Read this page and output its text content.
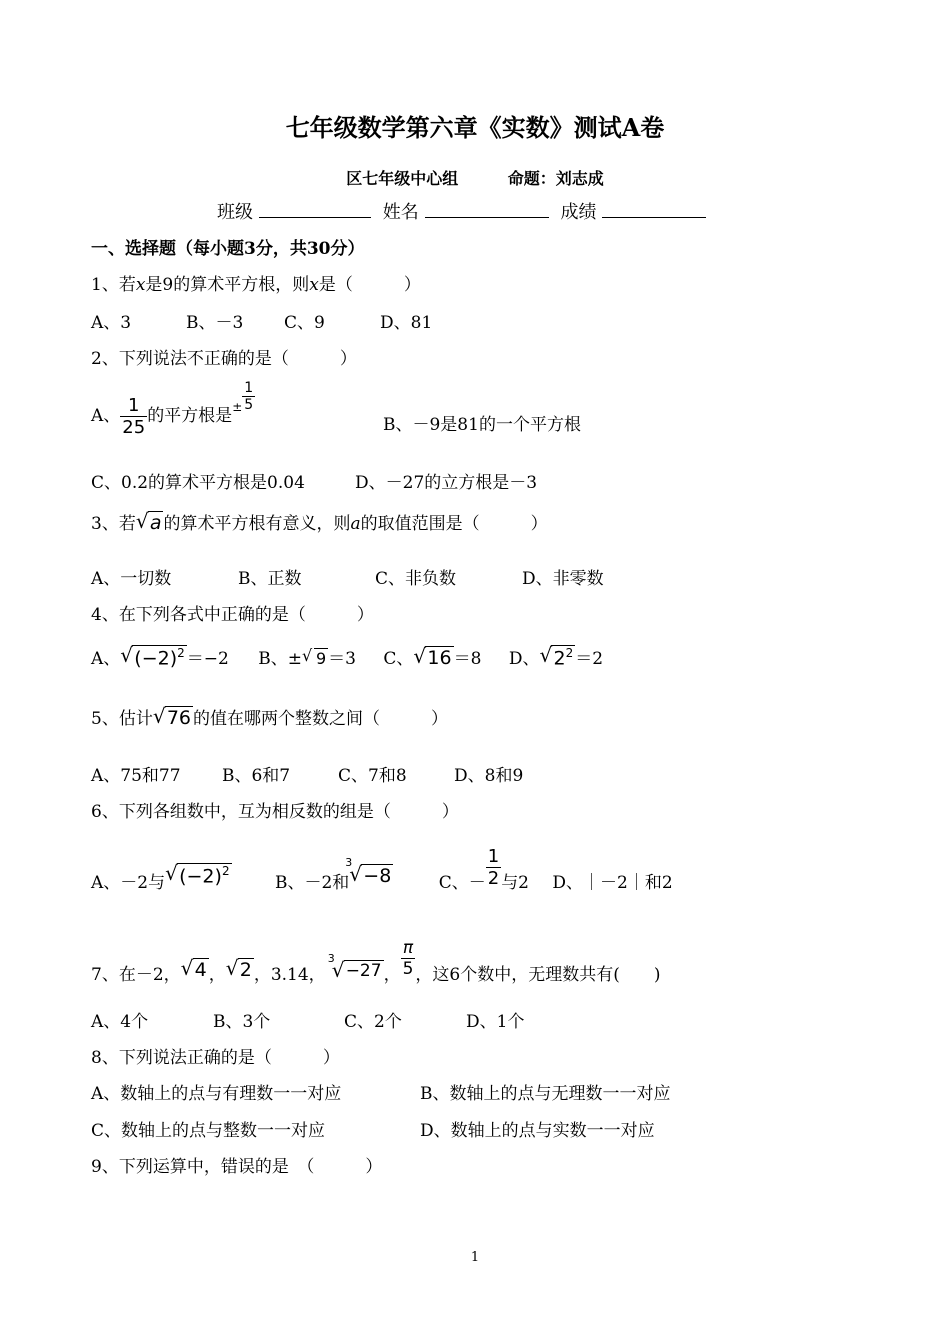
七年级数学第六章《实数》测试A卷
区七年级中心组	命题：刘志成
班级	姓名	成绩
一、选择题（每小题3分，共30分）
1、若x是9的算术平方根，则x是（　　　）
A、3	B、－3 C、9	D、81
2、下列说法不正确的是（　　　）
A、 $\frac{1}{25}$ 的平方根是$^\pm \frac{1}{5}$
B、－9是81的一个平方根
C、0.2的算术平方根是0.04	D、－27的立方根是－3
3、若 √ a 的算术平方根有意义，则a的取值范围是（　　　）
A、一切数	B、正数	C、非负数	D、非零数
4、在下列各式中正确的是（　　　）
A、 √ $(-2)^2 =-2$ B、± √ 9 ＝3 C、 √ 16 ＝8 D、 √ $2^2 =2$
5、估计 √ 76 的值在哪两个整数之间（　　　）
A、75和77 B、6和7	C、7和8	D、8和9
6、下列各组数中，互为相反数的组是（　　　）
A、－2与 √ $(-2)^2$ B、－2和
3
√ −8	C、－ $\frac{1}{2}$ 与2 D、｜－2｜和2
7、在－2， √ 4 ， √ 2 ，3.14，
3
√ −27 ， $\frac{\pi}{5}$ ，这6个数中，无理数共有(　　)
A、4个	B、3个	C、2个	D、1个
8、下列说法正确的是（　　　）
A、数轴上的点与有理数一一对应	B、数轴上的点与无理数一一对应
C、数轴上的点与整数一一对应	D、数轴上的点与实数一一对应
9、下列运算中，错误的是　（　　　）
1
